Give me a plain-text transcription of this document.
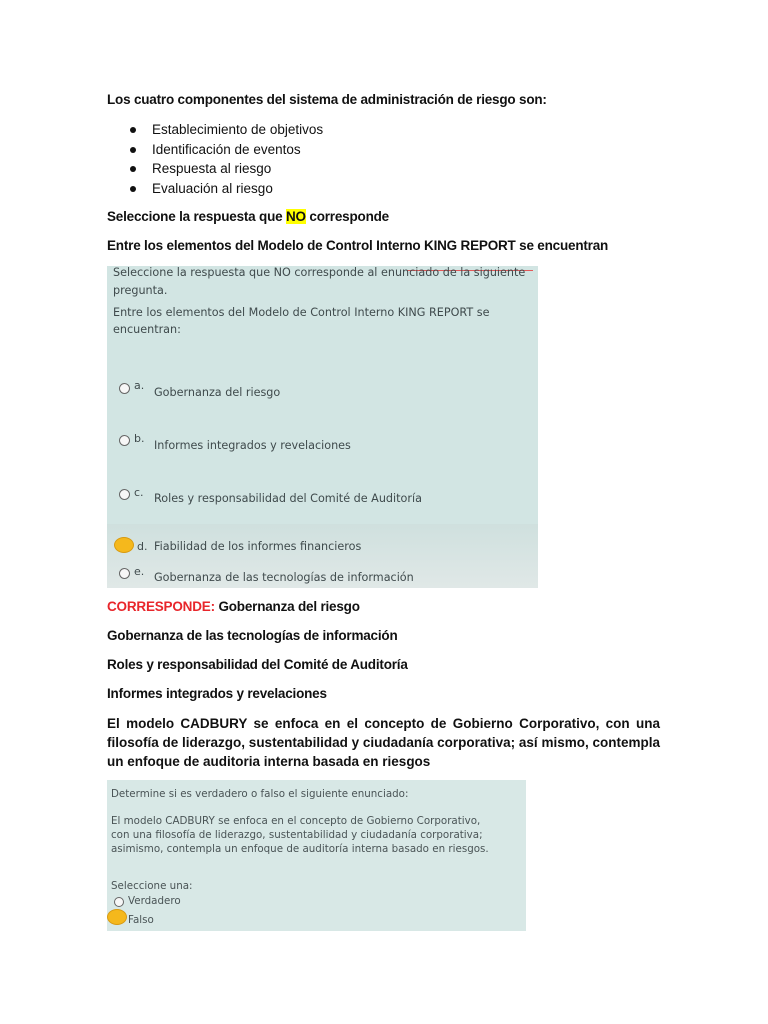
Los cuatro componentes del sistema de administración de riesgo son:
Establecimiento de objetivos
Identificación de eventos
Respuesta al riesgo
Evaluación al riesgo
Seleccione la respuesta que NO corresponde
Entre los elementos del Modelo de Control Interno KING REPORT se encuentran
Seleccione la respuesta que NO corresponde al enunciado de la siguiente
pregunta.
Entre los elementos del Modelo de Control Interno KING REPORT se
encuentran:
a.
Gobernanza del riesgo
b.
Informes integrados y revelaciones
c. Roles y responsabilidad del Comité de Auditoría
d. Fiabilidad de los informes financieros
e. Gobernanza de las tecnologías de información
CORRESPONDE: Gobernanza del riesgo
Gobernanza de las tecnologías de información
Roles y responsabilidad del Comité de Auditoría
Informes integrados y revelaciones
El modelo CADBURY se enfoca en el concepto de Gobierno Corporativo, con una filosofía de liderazgo, sustentabilidad y ciudadanía corporativa; así mismo, contempla un enfoque de auditoria interna basada en riesgos
Determine si es verdadero o falso el siguiente enunciado:
El modelo CADBURY se enfoca en el concepto de Gobierno Corporativo,
con una filosofía de liderazgo, sustentabilidad y ciudadanía corporativa;
asimismo, contempla un enfoque de auditoría interna basado en riesgos.
Seleccione una:
Verdadero
Falso
